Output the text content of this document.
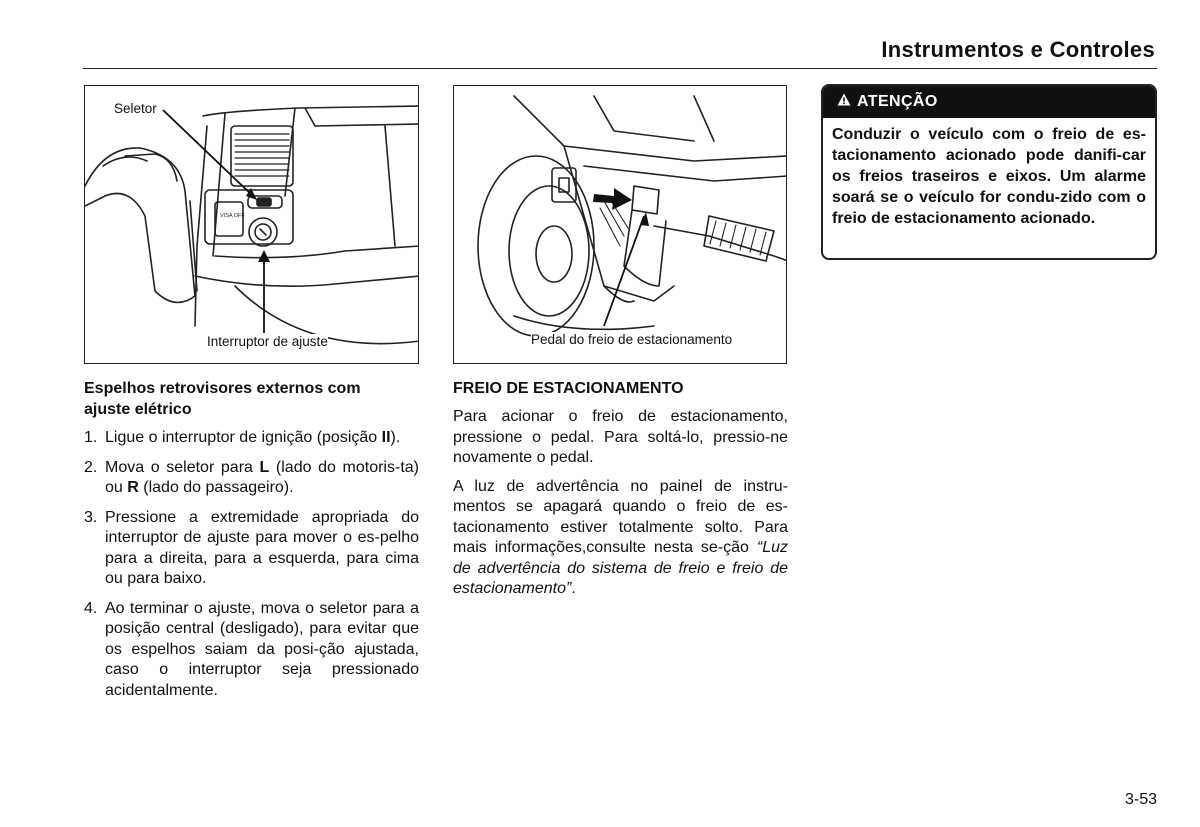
Instrumentos e Controles
VISA OFF
Seletor
Interruptor de ajuste	Pedal do freio de estacionamento
Espelhos retrovisores externos com ajuste elétrico
1. Ligue o interruptor de ignição (posição II).
2. Mova o seletor para L (lado do motoris-ta) ou R (lado do passageiro).
3. Pressione a extremidade apropriada do interruptor de ajuste para mover o es-pelho para a direita, para a esquerda, para cima ou para baixo.
4. Ao terminar o ajuste, mova o seletor para a posição central (desligado), para evitar que os espelhos saiam da posi-ção ajustada, caso o interruptor seja pressionado acidentalmente.
FREIO DE ESTACIONAMENTO

Para acionar o freio de estacionamento, pressione o pedal. Para soltá-lo, pressio-ne novamente o pedal.

A luz de advertência no painel de instru-mentos se apagará quando o freio de es-tacionamento estiver totalmente solto. Para mais informações,consulte nesta se-ção “Luz de advertência do sistema de freio e freio de estacionamento”.

ATENÇÃO
Conduzir o veículo com o freio de es-tacionamento acionado pode danifi-car os freios traseiros e eixos. Um alarme soará se o veículo for condu-zido com o freio de estacionamento acionado.
3-53
